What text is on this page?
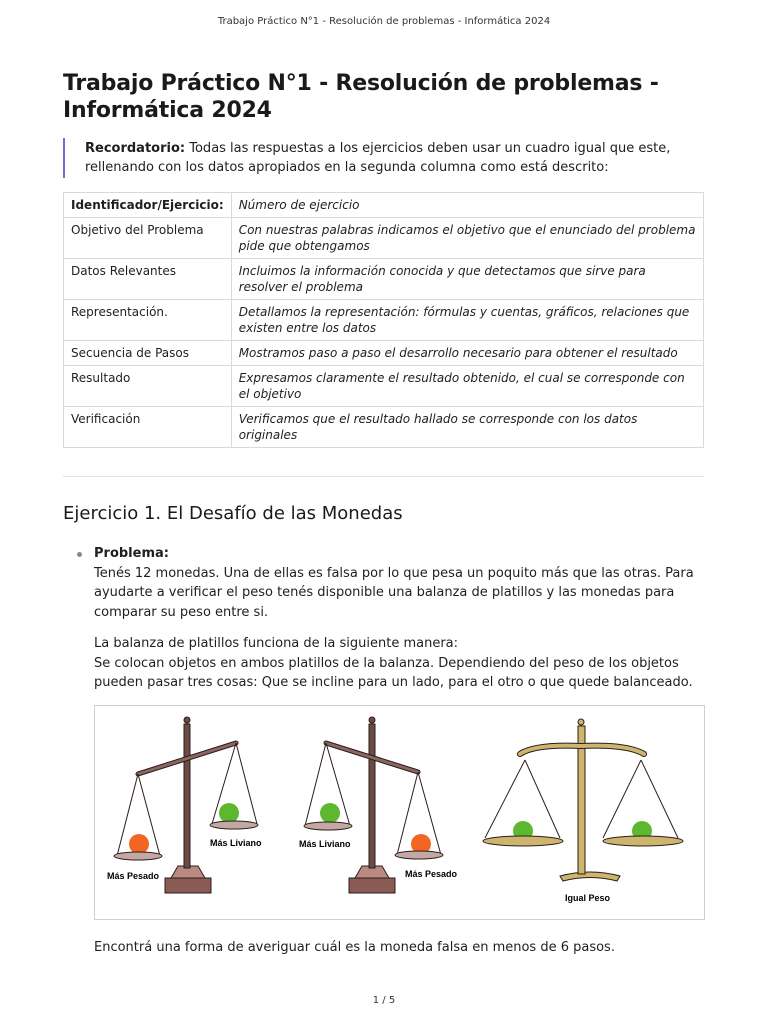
Trabajo Práctico N°1 - Resolución de problemas - Informática 2024
Trabajo Práctico N°1 - Resolución de problemas - Informática 2024
Recordatorio: Todas las respuestas a los ejercicios deben usar un cuadro igual que este, rellenando con los datos apropiados en la segunda columna como está descrito:
Identificador/Ejercicio:	Número de ejercicio
Objetivo del Problema	Con nuestras palabras indicamos el objetivo que el enunciado del problema pide que obtengamos
Datos Relevantes	Incluimos la información conocida y que detectamos que sirve para resolver el problema
Representación.	Detallamos la representación: fórmulas y cuentas, gráficos, relaciones que existen entre los datos
Secuencia de Pasos	Mostramos paso a paso el desarrollo necesario para obtener el resultado
Resultado	Expresamos claramente el resultado obtenido, el cual se corresponde con el objetivo
Verificación	Verificamos que el resultado hallado se corresponde con los datos originales
Ejercicio 1. El Desafío de las Monedas
Problema:
Tenés 12 monedas. Una de ellas es falsa por lo que pesa un poquito más que las otras. Para ayudarte a verificar el peso tenés disponible una balanza de platillos y las monedas para comparar su peso entre si.
La balanza de platillos funciona de la siguiente manera:
Se colocan objetos en ambos platillos de la balanza. Dependiendo del peso de los objetos pueden pasar tres cosas: Que se incline para un lado, para el otro o que quede balanceado.
Más Pesado
Más Liviano	Más Liviano
Más Pesado
Igual Peso
Encontrá una forma de averiguar cuál es la moneda falsa en menos de 6 pasos.
1 / 5
